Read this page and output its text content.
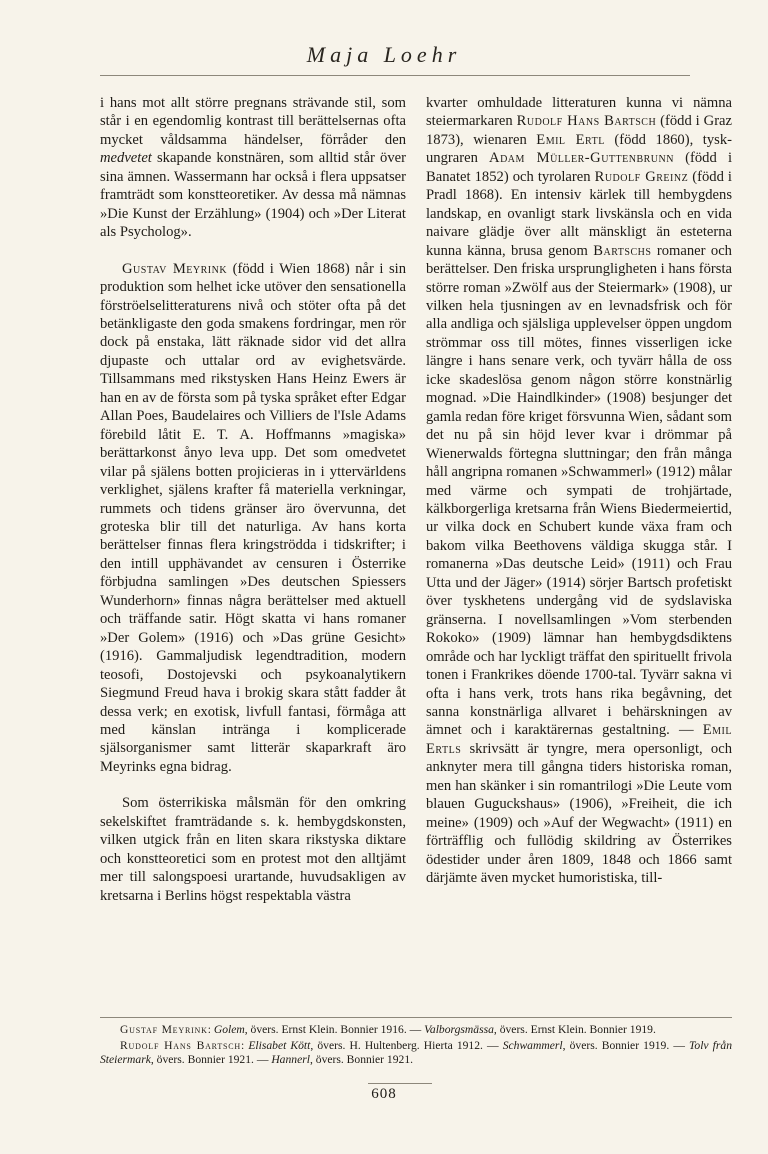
Maja Loehr

i hans mot allt större pregnans strävande stil, som står i en egendomlig kontrast till berättelsernas ofta mycket våldsamma händelser, förråder den medvetet skapande konstnären, som alltid står över sina ämnen. Wassermann har också i flera uppsatser framträdt som konstteoretiker. Av dessa må nämnas »Die Kunst der Erzählung» (1904) och »Der Literat als Psycholog».

Gustav Meyrink (född i Wien 1868) når i sin produktion som helhet icke utöver den sensationella förströelselitteraturens nivå och stöter ofta på det betänkligaste den goda smakens fordringar, men rör dock på enstaka, lätt räknade sidor vid det allra djupaste och uttalar ord av evighetsvärde. Tillsammans med rikstysken Hans Heinz Ewers är han en av de första som på tyska språket efter Edgar Allan Poes, Baudelaires och Villiers de l'Isle Adams förebild låtit E. T. A. Hoffmanns »magiska» berättarkonst ånyo leva upp. Det som omedvetet vilar på själens botten projicieras in i yttervärldens verklighet, själens krafter få materiella verkningar, rummets och tidens gränser äro övervunna, det groteska blir till det naturliga. Av hans korta berättelser finnas flera kringströdda i tidskrifter; i den intill upphävandet av censuren i Österrike förbjudna samlingen »Des deutschen Spiessers Wunderhorn» finnas några berättelser med aktuell och träffande satir. Högt skatta vi hans romaner »Der Golem» (1916) och »Das grüne Gesicht» (1916). Gammaljudisk legendtradition, modern teosofi, Dostojevski och psykoanalytikern Siegmund Freud hava i brokig skara stått fadder åt dessa verk; en exotisk, livfull fantasi, förmåga att med känslan intränga i komplicerade själsorganismer samt litterär skaparkraft äro Meyrinks egna bidrag.

Som österrikiska målsmän för den omkring sekelskiftet framträdande s. k. hembygdskonsten, vilken utgick från en liten skara rikstyska diktare och konstteoretici som en protest mot den alltjämt mer till salongspoesi urartande, huvudsakligen av kretsarna i Berlins högst respektabla västra

kvarter omhuldade litteraturen kunna vi nämna steiermarkaren Rudolf Hans Bartsch (född i Graz 1873), wienaren Emil Ertl (född 1860), tysk-ungraren Adam Müller-Guttenbrunn (född i Banatet 1852) och tyrolaren Rudolf Greinz (född i Pradl 1868). En intensiv kärlek till hembygdens landskap, en ovanligt stark livskänsla och en vida naivare glädje över allt mänskligt än esteterna kunna känna, brusa genom Bartschs romaner och berättelser. Den friska ursprungligheten i hans första större roman »Zwölf aus der Steiermark» (1908), ur vilken hela tjusningen av en levnadsfrisk och för alla andliga och själsliga upplevelser öppen ungdom strömmar oss till mötes, finnes visserligen icke längre i hans senare verk, och tyvärr hålla de oss icke skadeslösa genom någon större konstnärlig mognad. »Die Haindlkinder» (1908) besjunger det gamla redan före kriget försvunna Wien, sådant som det nu på sin höjd lever kvar i drömmar på Wienerwalds förtegna sluttningar; den från många håll angripna romanen »Schwammerl» (1912) målar med värme och sympati de trohjärtade, kälkborgerliga kretsarna från Wiens Biedermeiertid, ur vilka dock en Schubert kunde växa fram och bakom vilka Beethovens väldiga skugga står. I romanerna »Das deutsche Leid» (1911) och Frau Utta und der Jäger» (1914) sörjer Bartsch profetiskt över tyskhetens undergång vid de sydslaviska gränserna. I novellsamlingen »Vom sterbenden Rokoko» (1909) lämnar han hembygdsdiktens område och har lyckligt träffat den spirituellt frivola tonen i Frankrikes döende 1700-tal. Tyvärr sakna vi ofta i hans verk, trots hans rika begåvning, det sanna konstnärliga allvaret i behärskningen av ämnet och i karaktärernas gestaltning. — Emil Ertls skrivsätt är tyngre, mera opersonligt, och anknyter mera till gångna tiders historiska roman, men han skänker i sin romantrilogi »Die Leute vom blauen Guguckshaus» (1906), »Freiheit, die ich meine» (1909) och »Auf der Wegwacht» (1911) en förträfflig och fullödig skildring av Österrikes ödestider under åren 1809, 1848 och 1866 samt därjämte även mycket humoristiska, till-

Gustaf Meyrink: Golem, övers. Ernst Klein. Bonnier 1916. — Valborgsmässa, övers. Ernst Klein. Bonnier 1919.

Rudolf Hans Bartsch: Elisabet Kött, övers. H. Hultenberg. Hierta 1912. — Schwammerl, övers. Bonnier 1919. — Tolv från Steiermark, övers. Bonnier 1921. — Hannerl, övers. Bonnier 1921.

608
